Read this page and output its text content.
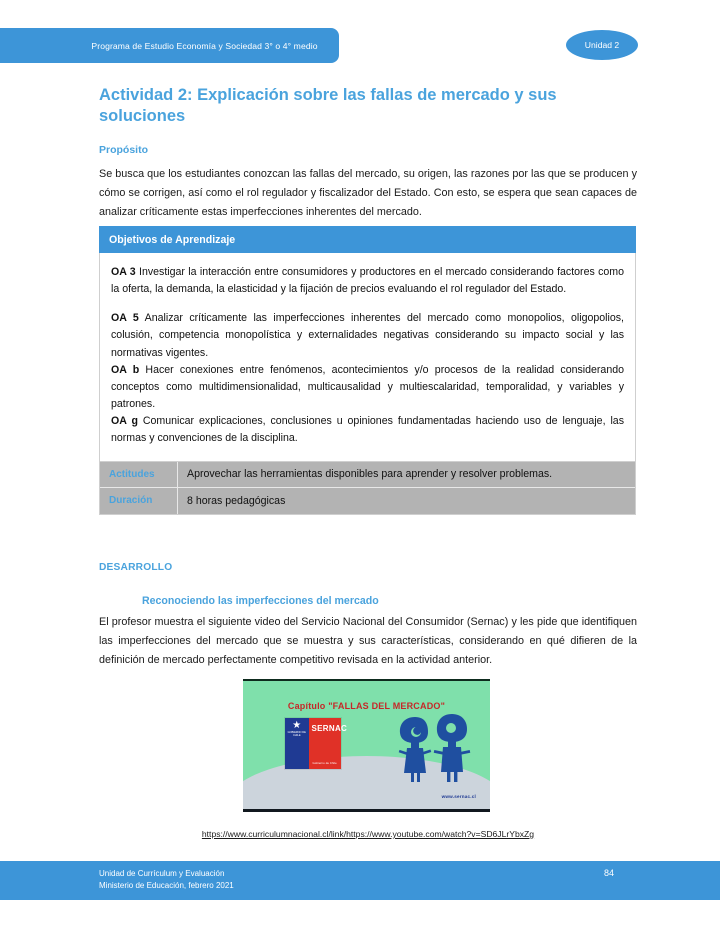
Programa de Estudio Economía y Sociedad 3° o 4° medio	Unidad 2
Actividad 2: Explicación sobre las fallas de mercado y sus soluciones
Propósito
Se busca que los estudiantes conozcan las fallas del mercado, su origen, las razones por las que se producen y cómo se corrigen, así como el rol regulador y fiscalizador del Estado. Con esto, se espera que sean capaces de analizar críticamente estas imperfecciones inherentes del mercado.
Objetivos de Aprendizaje

OA 3 Investigar la interacción entre consumidores y productores en el mercado considerando factores como la oferta, la demanda, la elasticidad y la fijación de precios evaluando el rol regulador del Estado.

OA 5 Analizar críticamente las imperfecciones inherentes del mercado como monopolios, oligopolios, colusión, competencia monopolística y externalidades negativas considerando su impacto social y las normativas vigentes.

OA b Hacer conexiones entre fenómenos, acontecimientos y/o procesos de la realidad considerando conceptos como multidimensionalidad, multicausalidad y multiescalaridad, temporalidad, y variables y patrones.

OA g Comunicar explicaciones, conclusiones u opiniones fundamentadas haciendo uso de lenguaje, las normas y convenciones de la disciplina.

Actitudes	Aprovechar las herramientas disponibles para aprender y resolver problemas.
Duración	8 horas pedagógicas
DESARROLLO
Reconociendo las imperfecciones del mercado
El profesor muestra el siguiente video del Servicio Nacional del Consumidor (Sernac) y les pide que identifiquen las imperfecciones del mercado que se muestra y sus características, considerando en qué difieren de la definición de mercado perfectamente competitivo revisada en la actividad anterior.
Capítulo "FALLAS DEL MERCADO"
★
GOBIERNO DE CHILE
SERNAC
Gobierno de Chile
www.sernac.cl
https://www.curriculumnacional.cl/link/https://www.youtube.com/watch?v=SD6JLrYbxZg
Unidad de Currículum y Evaluación
Ministerio de Educación, febrero 2021
84
